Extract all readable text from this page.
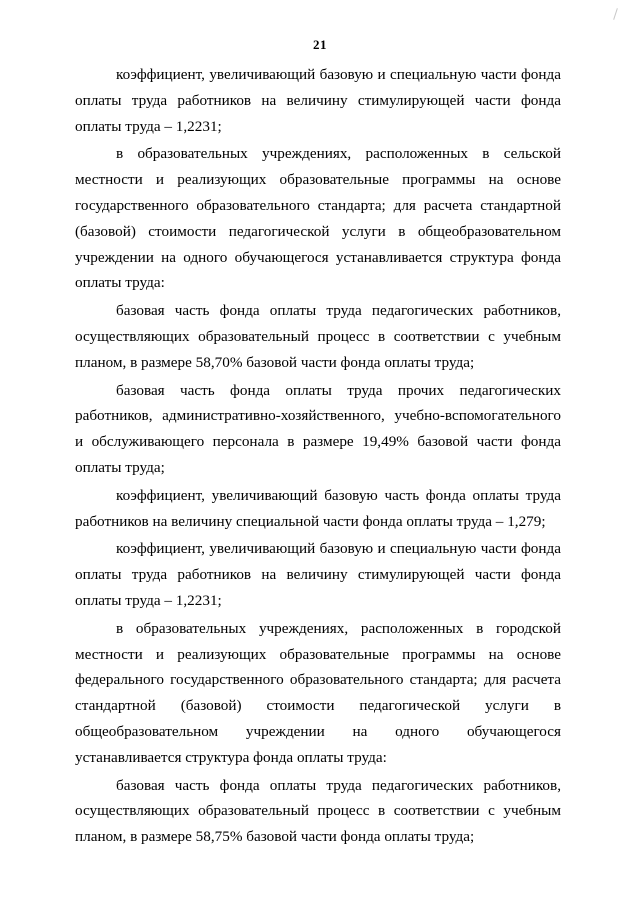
21

коэффициент, увеличивающий базовую и специальную части фонда оплаты труда работников на величину стимулирующей части фонда оплаты труда – 1,2231;

в образовательных учреждениях, расположенных в сельской местности и реализующих образовательные программы на основе государственного образовательного стандарта; для расчета стандартной (базовой) стоимости педагогической услуги в общеобразовательном учреждении на одного обучающегося устанавливается структура фонда оплаты труда:

базовая часть фонда оплаты труда педагогических работников, осуществляющих образовательный процесс в соответствии с учебным планом, в размере 58,70% базовой части фонда оплаты труда;

базовая часть фонда оплаты труда прочих педагогических работников, административно-хозяйственного, учебно-вспомогательного и обслуживающего персонала в размере 19,49% базовой части фонда оплаты труда;

коэффициент, увеличивающий базовую часть фонда оплаты труда работников на величину специальной части фонда оплаты труда – 1,279;

коэффициент, увеличивающий базовую и специальную части фонда оплаты труда работников на величину стимулирующей части фонда оплаты труда – 1,2231;

в образовательных учреждениях, расположенных в городской местности и реализующих образовательные программы на основе федерального государственного образовательного стандарта; для расчета стандартной (базовой) стоимости педагогической услуги в общеобразовательном учреждении на одного обучающегося устанавливается структура фонда оплаты труда:

базовая часть фонда оплаты труда педагогических работников, осуществляющих образовательный процесс в соответствии с учебным планом, в размере 58,75% базовой части фонда оплаты труда;
